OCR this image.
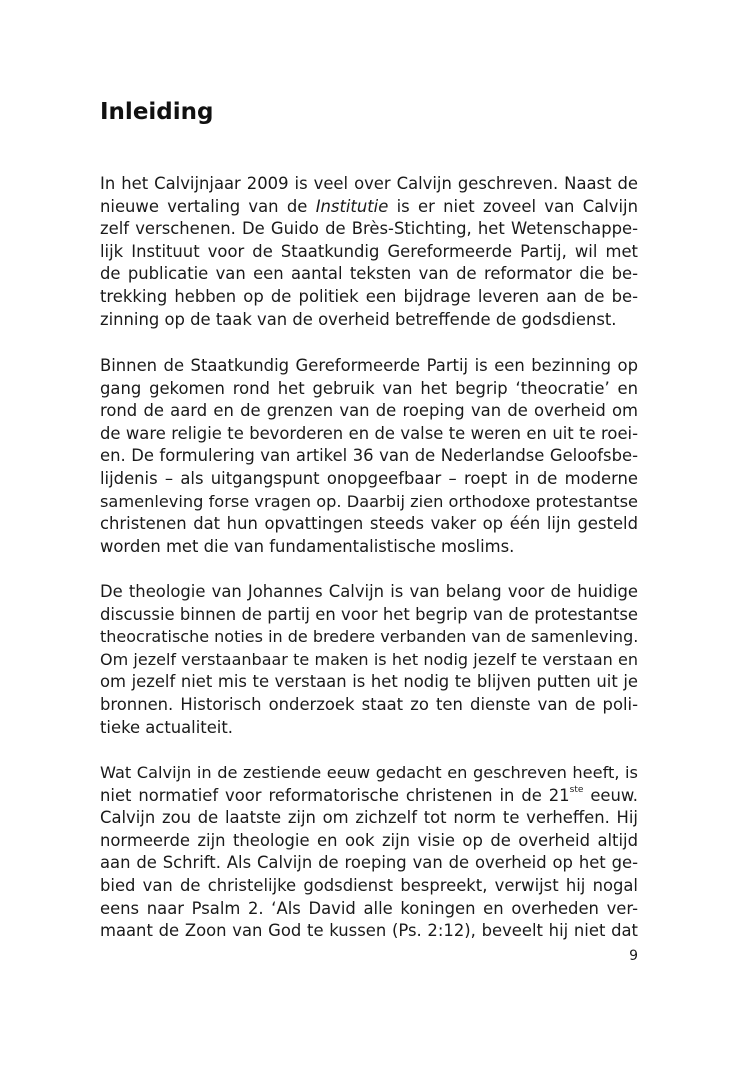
Inleiding
In het Calvijnjaar 2009 is veel over Calvijn geschreven. Naast de
nieuwe vertaling van de Institutie is er niet zoveel van Calvijn
zelf verschenen. De Guido de Brès-Stichting, het Wetenschappe-
lijk Instituut voor de Staatkundig Gereformeerde Partij, wil met
de publicatie van een aantal teksten van de reformator die be-
trekking hebben op de politiek een bijdrage leveren aan de be-
zinning op de taak van de overheid betreffende de godsdienst.
Binnen de Staatkundig Gereformeerde Partij is een bezinning op
gang gekomen rond het gebruik van het begrip ‘theocratie’ en
rond de aard en de grenzen van de roeping van de overheid om
de ware religie te bevorderen en de valse te weren en uit te roei-
en. De formulering van artikel 36 van de Nederlandse Geloofsbe-
lijdenis – als uitgangspunt onopgeefbaar – roept in de moderne
samenleving forse vragen op. Daarbij zien orthodoxe protestantse
christenen dat hun opvattingen steeds vaker op één lijn gesteld
worden met die van fundamentalistische moslims.
De theologie van Johannes Calvijn is van belang voor de huidige
discussie binnen de partij en voor het begrip van de protestantse
theocratische noties in de bredere verbanden van de samenleving.
Om jezelf verstaanbaar te maken is het nodig jezelf te verstaan en
om jezelf niet mis te verstaan is het nodig te blijven putten uit je
bronnen. Historisch onderzoek staat zo ten dienste van de poli-
tieke actualiteit.
Wat Calvijn in de zestiende eeuw gedacht en geschreven heeft, is
niet normatief voor reformatorische christenen in de 21ste eeuw.
Calvijn zou de laatste zijn om zichzelf tot norm te verheffen. Hij
normeerde zijn theologie en ook zijn visie op de overheid altijd
aan de Schrift. Als Calvijn de roeping van de overheid op het ge-
bied van de christelijke godsdienst bespreekt, verwijst hij nogal
eens naar Psalm 2. ‘Als David alle koningen en overheden ver-
maant de Zoon van God te kussen (Ps. 2:12), beveelt hij niet dat
9
